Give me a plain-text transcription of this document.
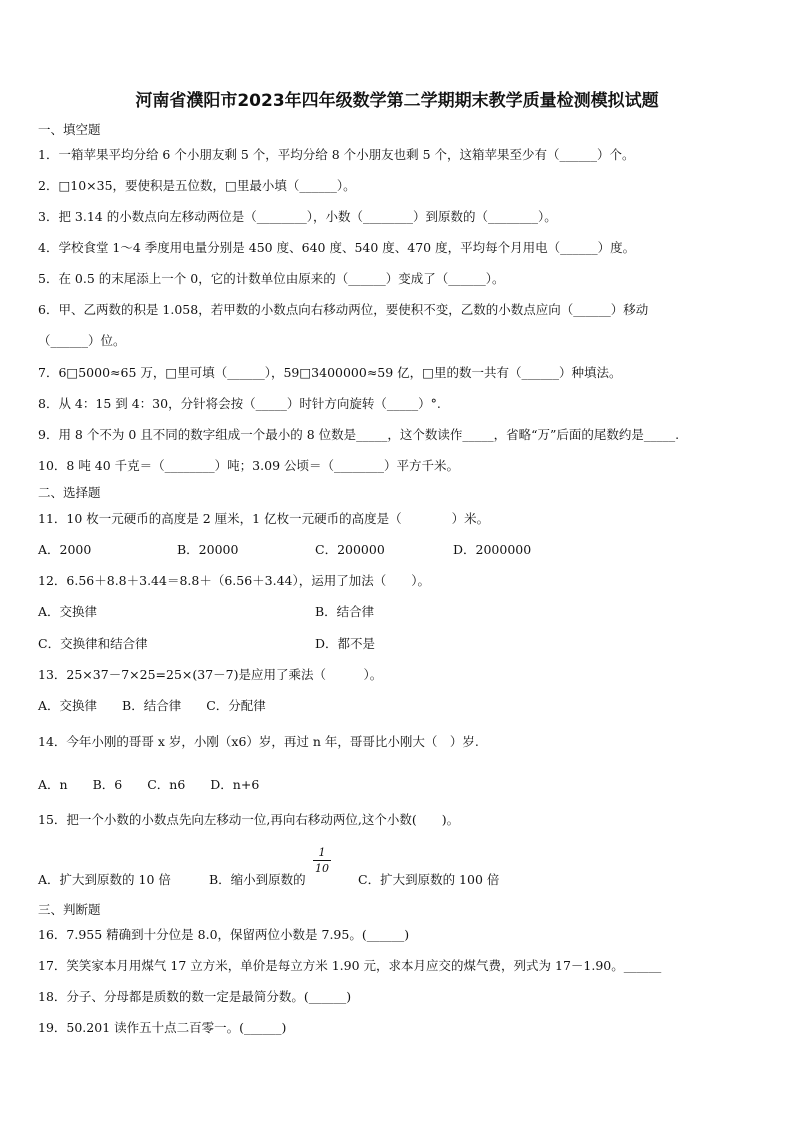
河南省濮阳市2023年四年级数学第二学期期末教学质量检测模拟试题
一、填空题
1．一箱苹果平均分给 6 个小朋友剩 5 个，平均分给 8 个小朋友也剩 5 个，这箱苹果至少有（______）个。
2．□10×35，要使积是五位数，□里最小填（______）。
3．把 3.14 的小数点向左移动两位是（________），小数（________）到原数的（________）。
4．学校食堂 1～4 季度用电量分别是 450 度、640 度、540 度、470 度，平均每个月用电（______）度。
5．在 0.5 的末尾添上一个 0，它的计数单位由原来的（______）变成了（______）。
6．甲、乙两数的积是 1.058，若甲数的小数点向右移动两位，要使积不变，乙数的小数点应向（______）移动
（______）位。
7．6□5000≈65 万，□里可填（______），59□3400000≈59 亿，□里的数一共有（______）种填法。
8．从 4：15 到 4：30，分针将会按（_____）时针方向旋转（_____）°.
9．用 8 个不为 0 且不同的数字组成一个最小的 8 位数是_____，这个数读作_____，省略“万”后面的尾数约是_____.
10．8 吨 40 千克＝（________）吨；3.09 公顷＝（________）平方千米。
二、选择题
11．10 枚一元硬币的高度是 2 厘米，1 亿枚一元硬币的高度是（　　　　）米。
A．2000	B．20000	C．200000	D．2000000
12．6.56＋8.8＋3.44＝8.8＋（6.56＋3.44），运用了加法（　　）。
A．交换律	B．结合律
C．交换律和结合律	D．都不是
13．25×37－7×25=25×(37－7)是应用了乘法（　　　）。
A．交换律　　B．结合律　　C．分配律
14．今年小刚的哥哥 x 岁，小刚（x6）岁，再过 n 年，哥哥比小刚大（　）岁.
A．n　　B．6　　C．n6　　D．n+6
15．把一个小数的小数点先向左移动一位,再向右移动两位,这个小数(　　)。
A．扩大到原数的 10 倍	B．缩小到原数的
$\frac{1}{10}$
C．扩大到原数的 100 倍
三、判断题
16．7.955 精确到十分位是 8.0，保留两位小数是 7.95。(______)
17．笑笑家本月用煤气 17 立方米，单价是每立方米 1.90 元，求本月应交的煤气费，列式为 17－1.90。______
18．分子、分母都是质数的数一定是最简分数。(______)
19．50.201 读作五十点二百零一。(______)
